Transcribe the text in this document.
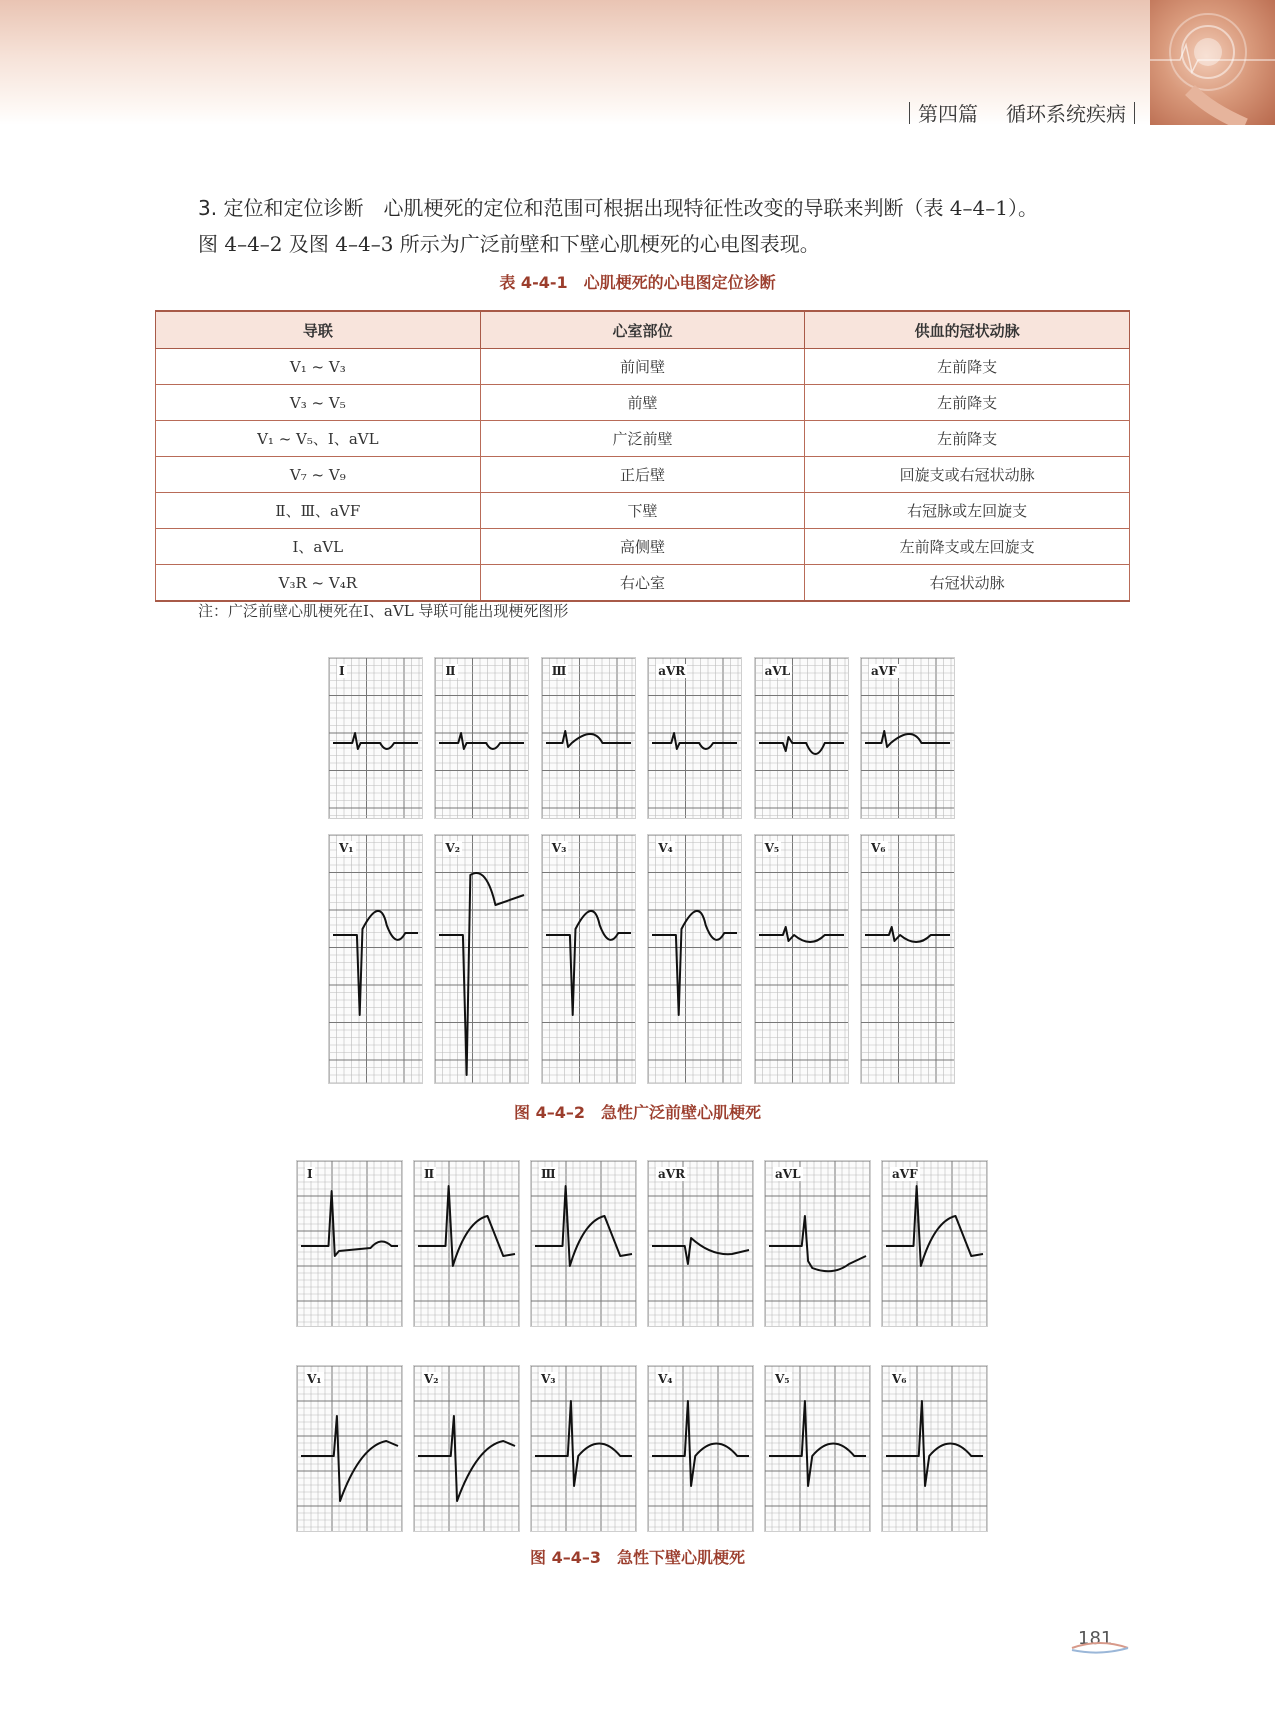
第四篇 循环系统疾病
3. 定位和定位诊断　 心肌梗死的定位和范围可根据出现特征性改变的导联来判断（表 4–4–1）。
图 4–4–2 及图 4–4–3 所示为广泛前壁和下壁心肌梗死的心电图表现。
表 4-4-1　心肌梗死的心电图定位诊断
导联	心室部位	供血的冠状动脉
V₁ ~ V₃	前间壁	左前降支
V₃ ~ V₅	前壁	左前降支
V₁ ~ V₅、Ⅰ、aVL	广泛前壁	左前降支
V₇ ~ V₉	正后壁	回旋支或右冠状动脉
Ⅱ、Ⅲ、aVF	下壁	右冠脉或左回旋支
Ⅰ、aVL	高侧壁	左前降支或左回旋支
V₃R ~ V₄R	右心室	右冠状动脉
注：广泛前壁心肌梗死在Ⅰ、aVL 导联可能出现梗死图形
Ⅰ	Ⅱ	Ⅲ	aVR	aVL	aVF
V₁	V₂	V₃	V₄	V₅	V₆
图 4–4–2　急性广泛前壁心肌梗死
Ⅰ	Ⅱ	Ⅲ	aVR	aVL	aVF
V₁	V₂	V₃	V₄	V₅	V₆
图 4–4–3　急性下壁心肌梗死
181
